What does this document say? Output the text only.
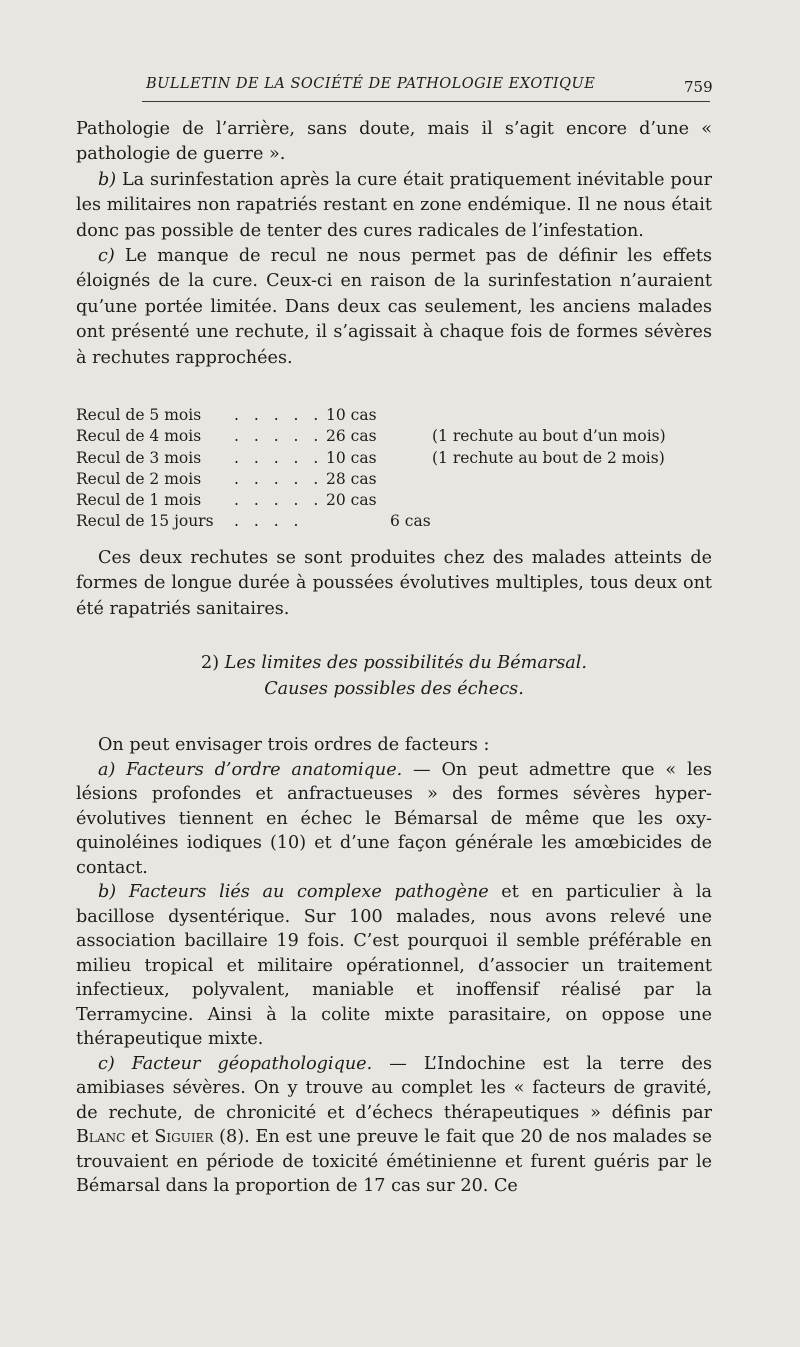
BULLETIN DE LA SOCIÉTÉ DE PATHOLOGIE EXOTIQUE	759

Pathologie de l’arrière, sans doute, mais il s’agit encore d’une « pathologie de guerre ».

b) La surinfestation après la cure était pratiquement inévitable pour les militaires non rapatriés restant en zone endémique. Il ne nous était donc pas possible de tenter des cures radicales de l’infestation.

c) Le manque de recul ne nous permet pas de définir les effets éloignés de la cure. Ceux-ci en raison de la surinfestation n’auraient qu’une portée limitée. Dans deux cas seulement, les anciens malades ont présenté une rechute, il s’agissait à chaque fois de formes sévères à rechutes rapprochées.

Recul de 5 mois . . . . . 10 cas
Recul de 4 mois . . . . . 26 cas	(1 rechute au bout d’un mois)
Recul de 3 mois . . . . . 10 cas	(1 rechute au bout de 2 mois)
Recul de 2 mois . . . . . 28 cas
Recul de 1 mois . . . . . 20 cas
Recul de 15 jours . . . .	6 cas

Ces deux rechutes se sont produites chez des malades atteints de formes de longue durée à poussées évolutives multiples, tous deux ont été rapatriés sanitaires.

2) Les limites des possibilités du Bémarsal.
Causes possibles des échecs.

On peut envisager trois ordres de facteurs :

a) Facteurs d’ordre anatomique. — On peut admettre que « les lésions profondes et anfractueuses » des formes sévères hyper-évolutives tiennent en échec le Bémarsal de même que les oxy-quinoléines iodiques (10) et d’une façon générale les amœbicides de contact.

b) Facteurs liés au complexe pathogène et en particulier à la bacillose dysentérique. Sur 100 malades, nous avons relevé une association bacillaire 19 fois. C’est pourquoi il semble préférable en milieu tropical et militaire opérationnel, d’associer un traitement infectieux, polyvalent, maniable et inoffensif réalisé par la Terramycine. Ainsi à la colite mixte parasitaire, on oppose une thérapeutique mixte.

c) Facteur géopathologique. — L’Indochine est la terre des amibiases sévères. On y trouve au complet les « facteurs de gravité, de rechute, de chronicité et d’échecs thérapeutiques » définis par Blanc et Siguier (8). En est une preuve le fait que 20 de nos malades se trouvaient en période de toxicité émétinienne et furent guéris par le Bémarsal dans la proportion de 17 cas sur 20. Ce
